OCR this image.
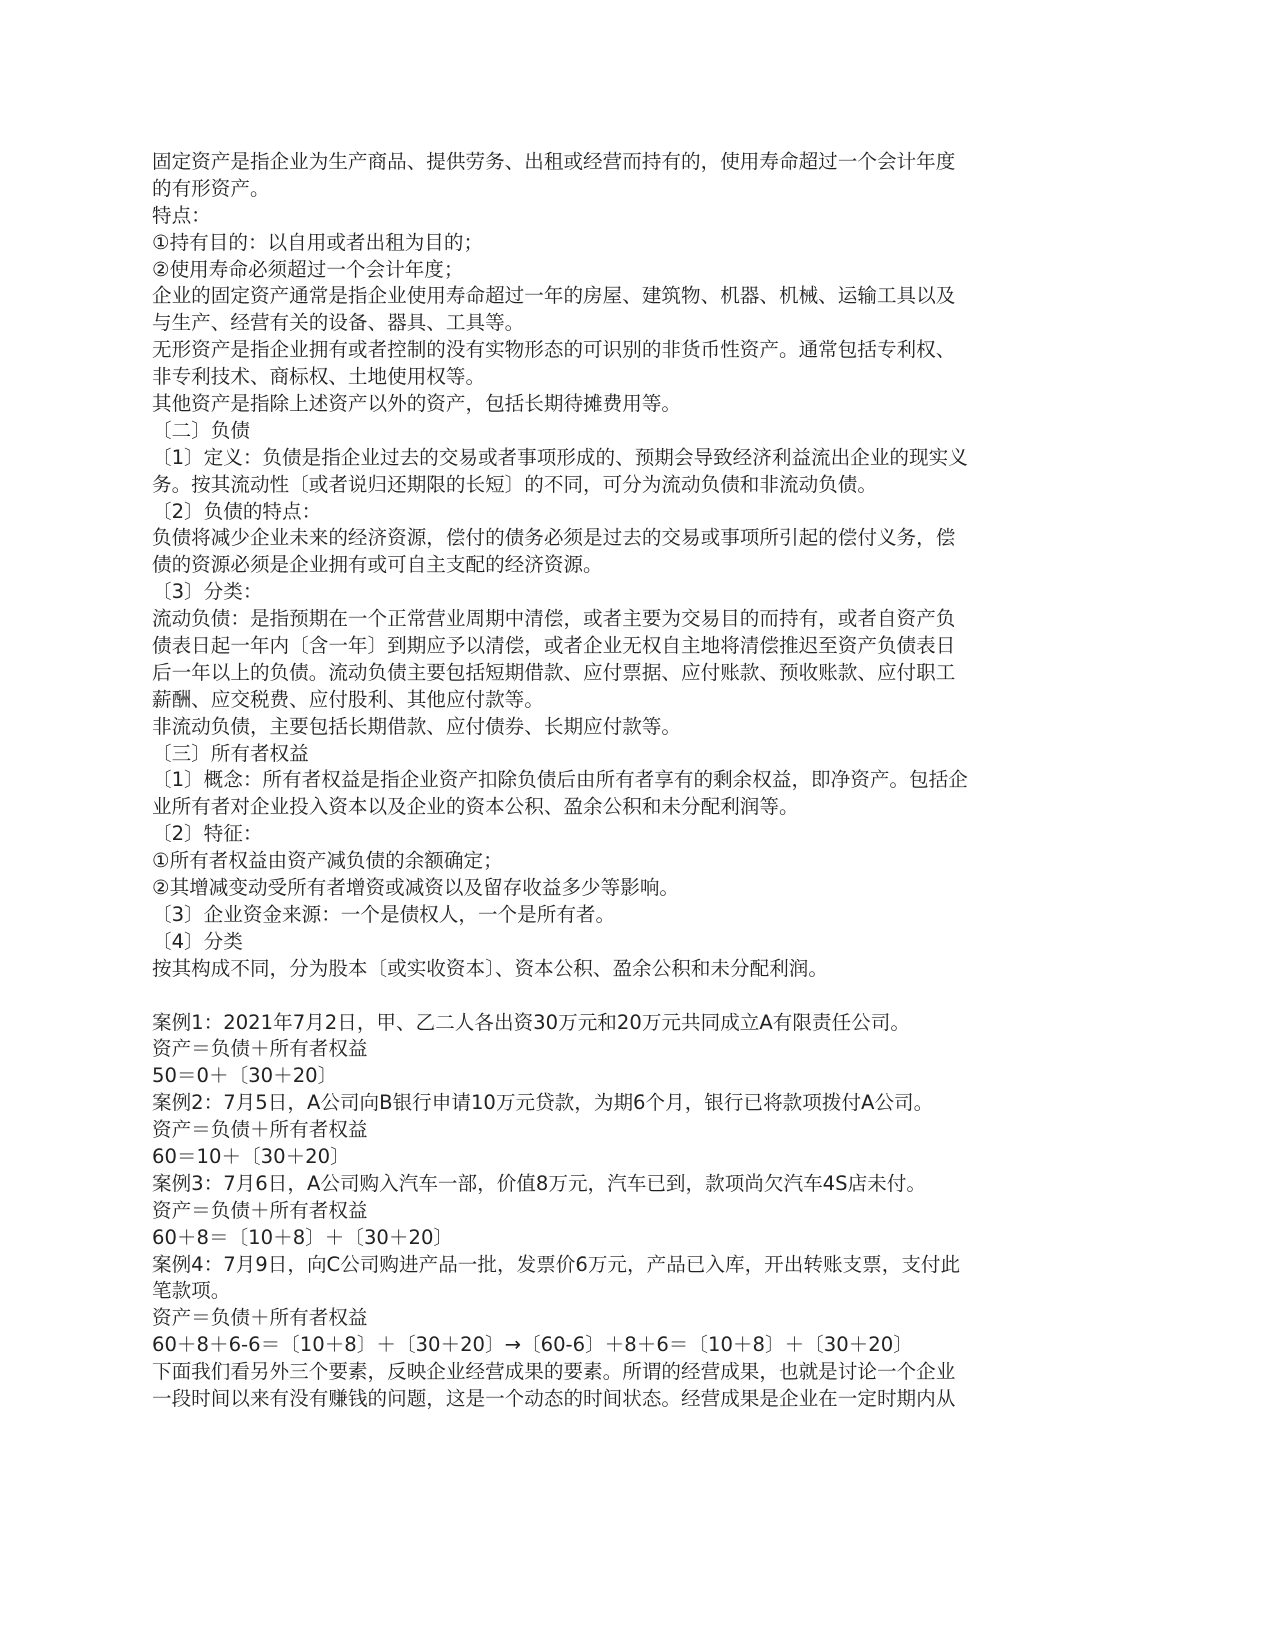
固定资产是指企业为生产商品、提供劳务、出租或经营而持有的，使用寿命超过一个会计年度
的有形资产。
特点：
①持有目的：以自用或者出租为目的；
②使用寿命必须超过一个会计年度；
企业的固定资产通常是指企业使用寿命超过一年的房屋、建筑物、机器、机械、运输工具以及
与生产、经营有关的设备、器具、工具等。
无形资产是指企业拥有或者控制的没有实物形态的可识别的非货币性资产。通常包括专利权、
非专利技术、商标权、土地使用权等。
其他资产是指除上述资产以外的资产，包括长期待摊费用等。
〔二〕负债
〔1〕定义：负债是指企业过去的交易或者事项形成的、预期会导致经济利益流出企业的现实义
务。按其流动性〔或者说归还期限的长短〕的不同，可分为流动负债和非流动负债。
〔2〕负债的特点：
负债将减少企业未来的经济资源，偿付的债务必须是过去的交易或事项所引起的偿付义务，偿
债的资源必须是企业拥有或可自主支配的经济资源。
〔3〕分类：
流动负债：是指预期在一个正常营业周期中清偿，或者主要为交易目的而持有，或者自资产负
债表日起一年内〔含一年〕到期应予以清偿，或者企业无权自主地将清偿推迟至资产负债表日
后一年以上的负债。流动负债主要包括短期借款、应付票据、应付账款、预收账款、应付职工
薪酬、应交税费、应付股利、其他应付款等。
非流动负债，主要包括长期借款、应付债券、长期应付款等。
〔三〕所有者权益
〔1〕概念：所有者权益是指企业资产扣除负债后由所有者享有的剩余权益，即净资产。包括企
业所有者对企业投入资本以及企业的资本公积、盈余公积和未分配利润等。
〔2〕特征：
①所有者权益由资产减负债的余额确定；
②其增减变动受所有者增资或减资以及留存收益多少等影响。
〔3〕企业资金来源：一个是债权人，一个是所有者。
〔4〕分类
按其构成不同，分为股本〔或实收资本〕、资本公积、盈余公积和未分配利润。
案例1：2021年7月2日，甲、乙二人各出资30万元和20万元共同成立A有限责任公司。
资产＝负债＋所有者权益
50＝0＋〔30＋20〕
案例2：7月5日，A公司向B银行申请10万元贷款，为期6个月，银行已将款项拨付A公司。
资产＝负债＋所有者权益
60＝10＋〔30＋20〕
案例3：7月6日，A公司购入汽车一部，价值8万元，汽车已到，款项尚欠汽车4S店未付。
资产＝负债＋所有者权益
60＋8＝〔10＋8〕＋〔30＋20〕
案例4：7月9日，向C公司购进产品一批，发票价6万元，产品已入库，开出转账支票，支付此
笔款项。
资产＝负债＋所有者权益
60＋8＋6-6＝〔10＋8〕＋〔30＋20〕→〔60-6〕＋8＋6＝〔10＋8〕＋〔30＋20〕
下面我们看另外三个要素，反映企业经营成果的要素。所谓的经营成果，也就是讨论一个企业
一段时间以来有没有赚钱的问题，这是一个动态的时间状态。经营成果是企业在一定时期内从
